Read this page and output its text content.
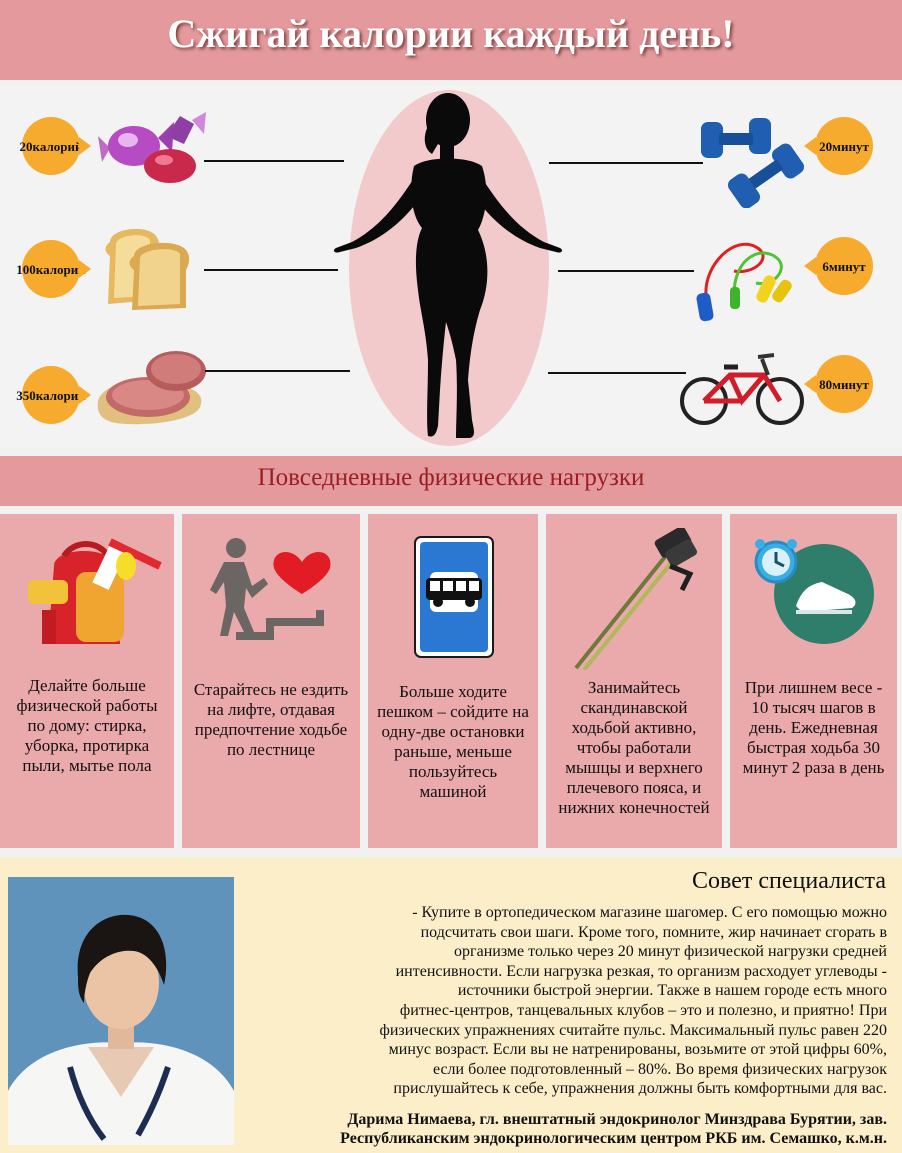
Сжигай калории каждый день!
20 калорий
100 калорий
350 калорий
20 минут
6 минут
80 минут
Повседневные физические нагрузки
Делайте больше физической работы по дому: стирка, уборка, протирка пыли, мытье пола
Старайтесь не ездить на лифте, отдавая предпочтение ходьбе по лестнице
Больше ходите пешком – сойдите на одну-две остановки раньше, меньше пользуйтесь машиной
Занимайтесь скандинавской ходьбой активно, чтобы работали мышцы и верхнего плечевого пояса, и нижних конечностей
При лишнем весе - 10 тысяч шагов в день. Ежедневная быстрая ходьба 30 минут 2 раза в день
Совет специалиста
- Купите в ортопедическом магазине шагомер. С его помощью можно
подсчитать свои шаги. Кроме того, помните, жир начинает сгорать в
организме только через 20 минут физической нагрузки средней
интенсивности. Если нагрузка резкая, то организм расходует углеводы -
источники быстрой энергии. Также в нашем городе есть много
фитнес-центров, танцевальных клубов – это и полезно, и приятно! При
физических упражнениях считайте пульс. Максимальный пульс равен 220
минус возраст. Если вы не натренированы, возьмите от этой цифры 60%,
если более подготовленный – 80%. Во время физических нагрузок
прислушайтесь к себе, упражнения должны быть комфортными для вас.
Дарима Нимаева, гл. внештатный эндокринолог Минздрава Бурятии, зав.
Республиканским эндокринологическим центром РКБ им. Семашко, к.м.н.
